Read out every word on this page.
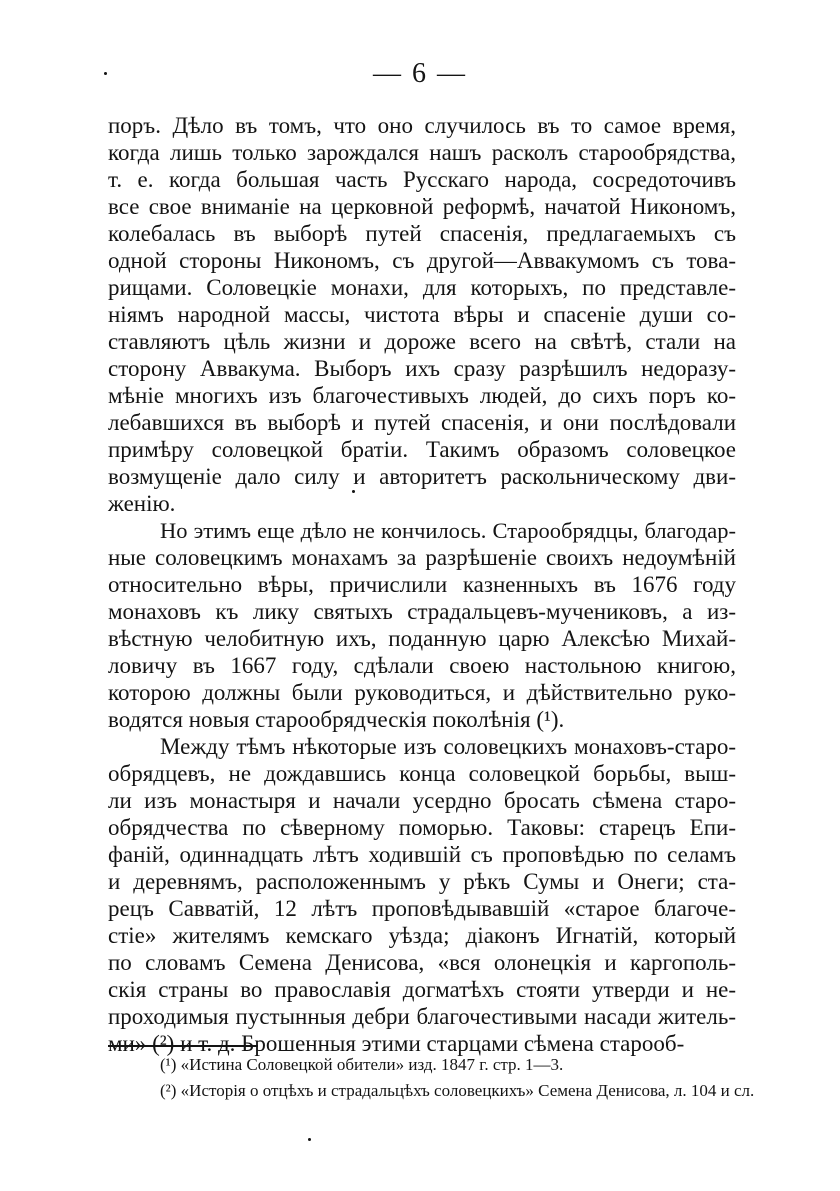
— 6 —
поръ. Дѣло въ томъ, что оно случилось въ то самое время,
когда лишь только зарождался нашъ расколъ старообрядства,
т. е. когда большая часть Русскаго народа, сосредоточивъ
все свое вниманіе на церковной реформѣ, начатой Никономъ,
колебалась въ выборѣ путей спасенія, предлагаемыхъ съ
одной стороны Никономъ, съ другой—Аввакумомъ съ това-
рищами. Соловецкіе монахи, для которыхъ, по представле-
ніямъ народной массы, чистота вѣры и спасеніе души со-
ставляютъ цѣль жизни и дороже всего на свѣтѣ, стали на
сторону Аввакума. Выборъ ихъ сразу разрѣшилъ недоразу-
мѣніе многихъ изъ благочестивыхъ людей, до сихъ поръ ко-
лебавшихся въ выборѣ и путей спасенія, и они послѣдовали
примѣру соловецкой братіи. Такимъ образомъ соловецкое
возмущеніе дало силу и авторитетъ раскольническому дви-
женію.
Но этимъ еще дѣло не кончилось. Старообрядцы, благодар-
ные соловецкимъ монахамъ за разрѣшеніе своихъ недоумѣній
относительно вѣры, причислили казненныхъ въ 1676 году
монаховъ къ лику святыхъ страдальцевъ-мучениковъ, а из-
вѣстную челобитную ихъ, поданную царю Алексѣю Михай-
ловичу въ 1667 году, сдѣлали своею настольною книгою,
которою должны были руководиться, и дѣйствительно руко-
водятся новыя старообрядческія поколѣнія (¹).
Между тѣмъ нѣкоторые изъ соловецкихъ монаховъ-старо-
обрядцевъ, не дождавшись конца соловецкой борьбы, выш-
ли изъ монастыря и начали усердно бросать сѣмена старо-
обрядчества по сѣверному поморью. Таковы: старецъ Епи-
фаній, одиннадцать лѣтъ ходившій съ проповѣдью по селамъ
и деревнямъ, расположеннымъ у рѣкъ Сумы и Онеги; ста-
рецъ Савватій, 12 лѣтъ проповѣдывавшій «старое благоче-
стіе» жителямъ кемскаго уѣзда; діаконъ Игнатій, который
по словамъ Семена Денисова, «вся олонецкія и каргополь-
скія страны во православія догматѣхъ стояти утверди и не-
проходимыя пустынныя дебри благочестивыми насади житель-
ми» (²) и т. д. Брошенныя этими старцами сѣмена старооб-
(¹) «Истина Соловецкой обители» изд. 1847 г. стр. 1—3.
(²) «Исторія о отцѣхъ и страдальцѣхъ соловецкихъ» Семена Денисова, л. 104 и сл.
